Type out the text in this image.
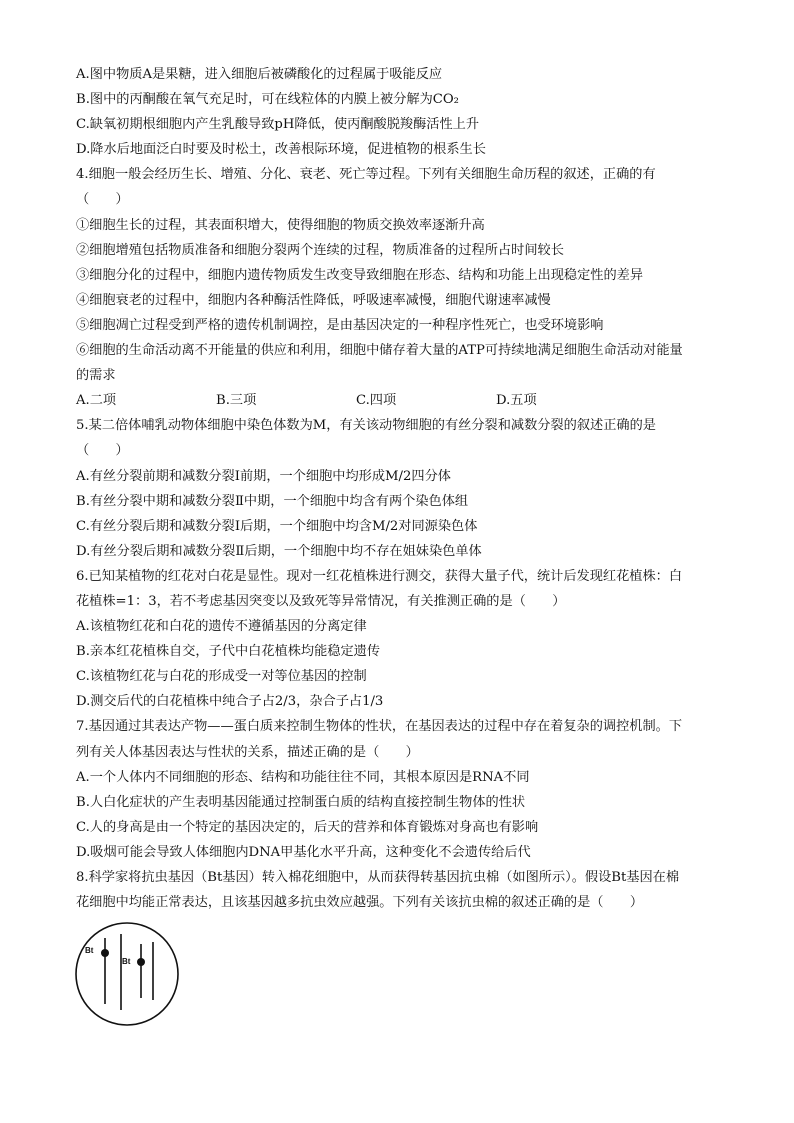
A.图中物质A是果糖，进入细胞后被磷酸化的过程属于吸能反应
B.图中的丙酮酸在氧气充足时，可在线粒体的内膜上被分解为CO₂
C.缺氧初期根细胞内产生乳酸导致pH降低，使丙酮酸脱羧酶活性上升
D.降水后地面泛白时要及时松土，改善根际环境，促进植物的根系生长
4.细胞一般会经历生长、增殖、分化、衰老、死亡等过程。下列有关细胞生命历程的叙述，正确的有
（　　）
①细胞生长的过程，其表面积增大，使得细胞的物质交换效率逐渐升高
②细胞增殖包括物质准备和细胞分裂两个连续的过程，物质准备的过程所占时间较长
③细胞分化的过程中，细胞内遗传物质发生改变导致细胞在形态、结构和功能上出现稳定性的差异
④细胞衰老的过程中，细胞内各种酶活性降低，呼吸速率减慢，细胞代谢速率减慢
⑤细胞凋亡过程受到严格的遗传机制调控，是由基因决定的一种程序性死亡，也受环境影响
⑥细胞的生命活动离不开能量的供应和利用，细胞中储存着大量的ATP可持续地满足细胞生命活动对能量
的需求
A.二项	B.三项	C.四项	D.五项
5.某二倍体哺乳动物体细胞中染色体数为M，有关该动物细胞的有丝分裂和减数分裂的叙述正确的是
（　　）
A.有丝分裂前期和减数分裂Ⅰ前期，一个细胞中均形成M/2四分体
B.有丝分裂中期和减数分裂Ⅱ中期，一个细胞中均含有两个染色体组
C.有丝分裂后期和减数分裂Ⅰ后期，一个细胞中均含M/2对同源染色体
D.有丝分裂后期和减数分裂Ⅱ后期，一个细胞中均不存在姐妹染色单体
6.已知某植物的红花对白花是显性。现对一红花植株进行测交，获得大量子代，统计后发现红花植株：白
花植株=1：3，若不考虑基因突变以及致死等异常情况，有关推测正确的是（　　）
A.该植物红花和白花的遗传不遵循基因的分离定律
B.亲本红花植株自交，子代中白花植株均能稳定遗传
C.该植物红花与白花的形成受一对等位基因的控制
D.测交后代的白花植株中纯合子占2/3，杂合子占1/3
7.基因通过其表达产物——蛋白质来控制生物体的性状，在基因表达的过程中存在着复杂的调控机制。下
列有关人体基因表达与性状的关系，描述正确的是（　　）
A.一个人体内不同细胞的形态、结构和功能往往不同，其根本原因是RNA不同
B.人白化症状的产生表明基因能通过控制蛋白质的结构直接控制生物体的性状
C.人的身高是由一个特定的基因决定的，后天的营养和体育锻炼对身高也有影响
D.吸烟可能会导致人体细胞内DNA甲基化水平升高，这种变化不会遗传给后代
8.科学家将抗虫基因（Bt基因）转入棉花细胞中，从而获得转基因抗虫棉（如图所示）。假设Bt基因在棉
花细胞中均能正常表达，且该基因越多抗虫效应越强。下列有关该抗虫棉的叙述正确的是（　　）
Bt
Bt
